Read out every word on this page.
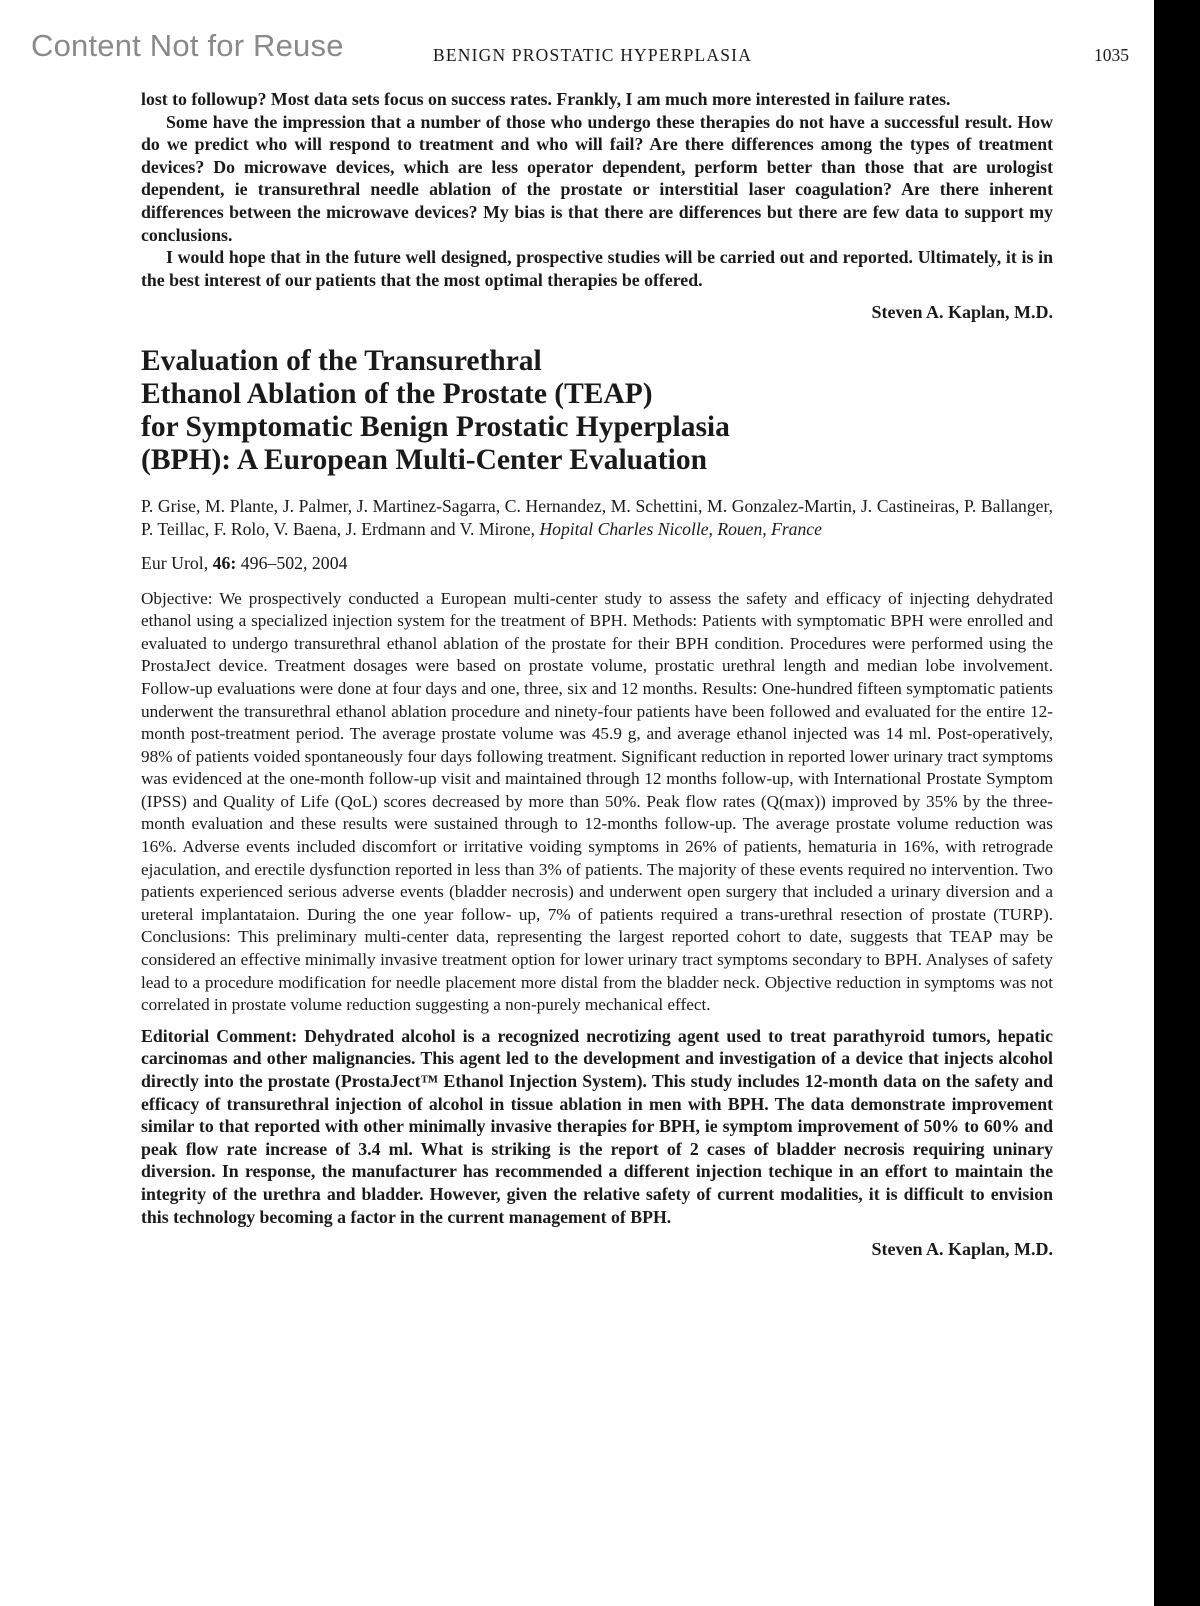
Content Not for Reuse	BENIGN PROSTATIC HYPERPLASIA	1035

lost to followup? Most data sets focus on success rates. Frankly, I am much more interested in failure rates.

Some have the impression that a number of those who undergo these therapies do not have a successful result. How do we predict who will respond to treatment and who will fail? Are there differences among the types of treatment devices? Do microwave devices, which are less operator dependent, perform better than those that are urologist dependent, ie transurethral needle ablation of the prostate or interstitial laser coagulation? Are there inherent differences between the microwave devices? My bias is that there are differences but there are few data to support my conclusions.

I would hope that in the future well designed, prospective studies will be carried out and reported. Ultimately, it is in the best interest of our patients that the most optimal therapies be offered.

Steven A. Kaplan, M.D.

Evaluation of the Transurethral
Ethanol Ablation of the Prostate (TEAP)
for Symptomatic Benign Prostatic Hyperplasia
(BPH): A European Multi-Center Evaluation

P. Grise, M. Plante, J. Palmer, J. Martinez-Sagarra, C. Hernandez, M. Schettini, M. Gonzalez-Martin, J. Castineiras, P. Ballanger, P. Teillac, F. Rolo, V. Baena, J. Erdmann and V. Mirone, Hopital Charles Nicolle, Rouen, France

Eur Urol, 46: 496–502, 2004

Objective: We prospectively conducted a European multi-center study to assess the safety and efficacy of injecting dehydrated ethanol using a specialized injection system for the treatment of BPH. Methods: Patients with symptomatic BPH were enrolled and evaluated to undergo transurethral ethanol ablation of the prostate for their BPH condition. Procedures were performed using the ProstaJect device. Treatment dosages were based on prostate volume, prostatic urethral length and median lobe involvement. Follow-up evaluations were done at four days and one, three, six and 12 months. Results: One-hundred fifteen symptomatic patients underwent the transurethral ethanol ablation procedure and ninety-four patients have been followed and evaluated for the entire 12-month post-treatment period. The average prostate volume was 45.9 g, and average ethanol injected was 14 ml. Post-operatively, 98% of patients voided spontaneously four days following treatment. Significant reduction in reported lower urinary tract symptoms was evidenced at the one-month follow-up visit and maintained through 12 months follow-up, with International Prostate Symptom (IPSS) and Quality of Life (QoL) scores decreased by more than 50%. Peak flow rates (Q(max)) improved by 35% by the three-month evaluation and these results were sustained through to 12-months follow-up. The average prostate volume reduction was 16%. Adverse events included discomfort or irritative voiding symptoms in 26% of patients, hematuria in 16%, with retrograde ejaculation, and erectile dysfunction reported in less than 3% of patients. The majority of these events required no intervention. Two patients experienced serious adverse events (bladder necrosis) and underwent open surgery that included a urinary diversion and a ureteral implantataion. During the one year follow- up, 7% of patients required a trans-urethral resection of prostate (TURP). Conclusions: This preliminary multi-center data, representing the largest reported cohort to date, suggests that TEAP may be considered an effective minimally invasive treatment option for lower urinary tract symptoms secondary to BPH. Analyses of safety lead to a procedure modification for needle placement more distal from the bladder neck. Objective reduction in symptoms was not correlated in prostate volume reduction suggesting a non-purely mechanical effect.

Editorial Comment: Dehydrated alcohol is a recognized necrotizing agent used to treat parathyroid tumors, hepatic carcinomas and other malignancies. This agent led to the development and investigation of a device that injects alcohol directly into the prostate (ProstaJect™ Ethanol Injection System). This study includes 12-month data on the safety and efficacy of transurethral injection of alcohol in tissue ablation in men with BPH. The data demonstrate improvement similar to that reported with other minimally invasive therapies for BPH, ie symptom improvement of 50% to 60% and peak flow rate increase of 3.4 ml. What is striking is the report of 2 cases of bladder necrosis requiring uninary diversion. In response, the manufacturer has recommended a different injection techique in an effort to maintain the integrity of the urethra and bladder. However, given the relative safety of current modalities, it is difficult to envision this technology becoming a factor in the current management of BPH.

Steven A. Kaplan, M.D.
